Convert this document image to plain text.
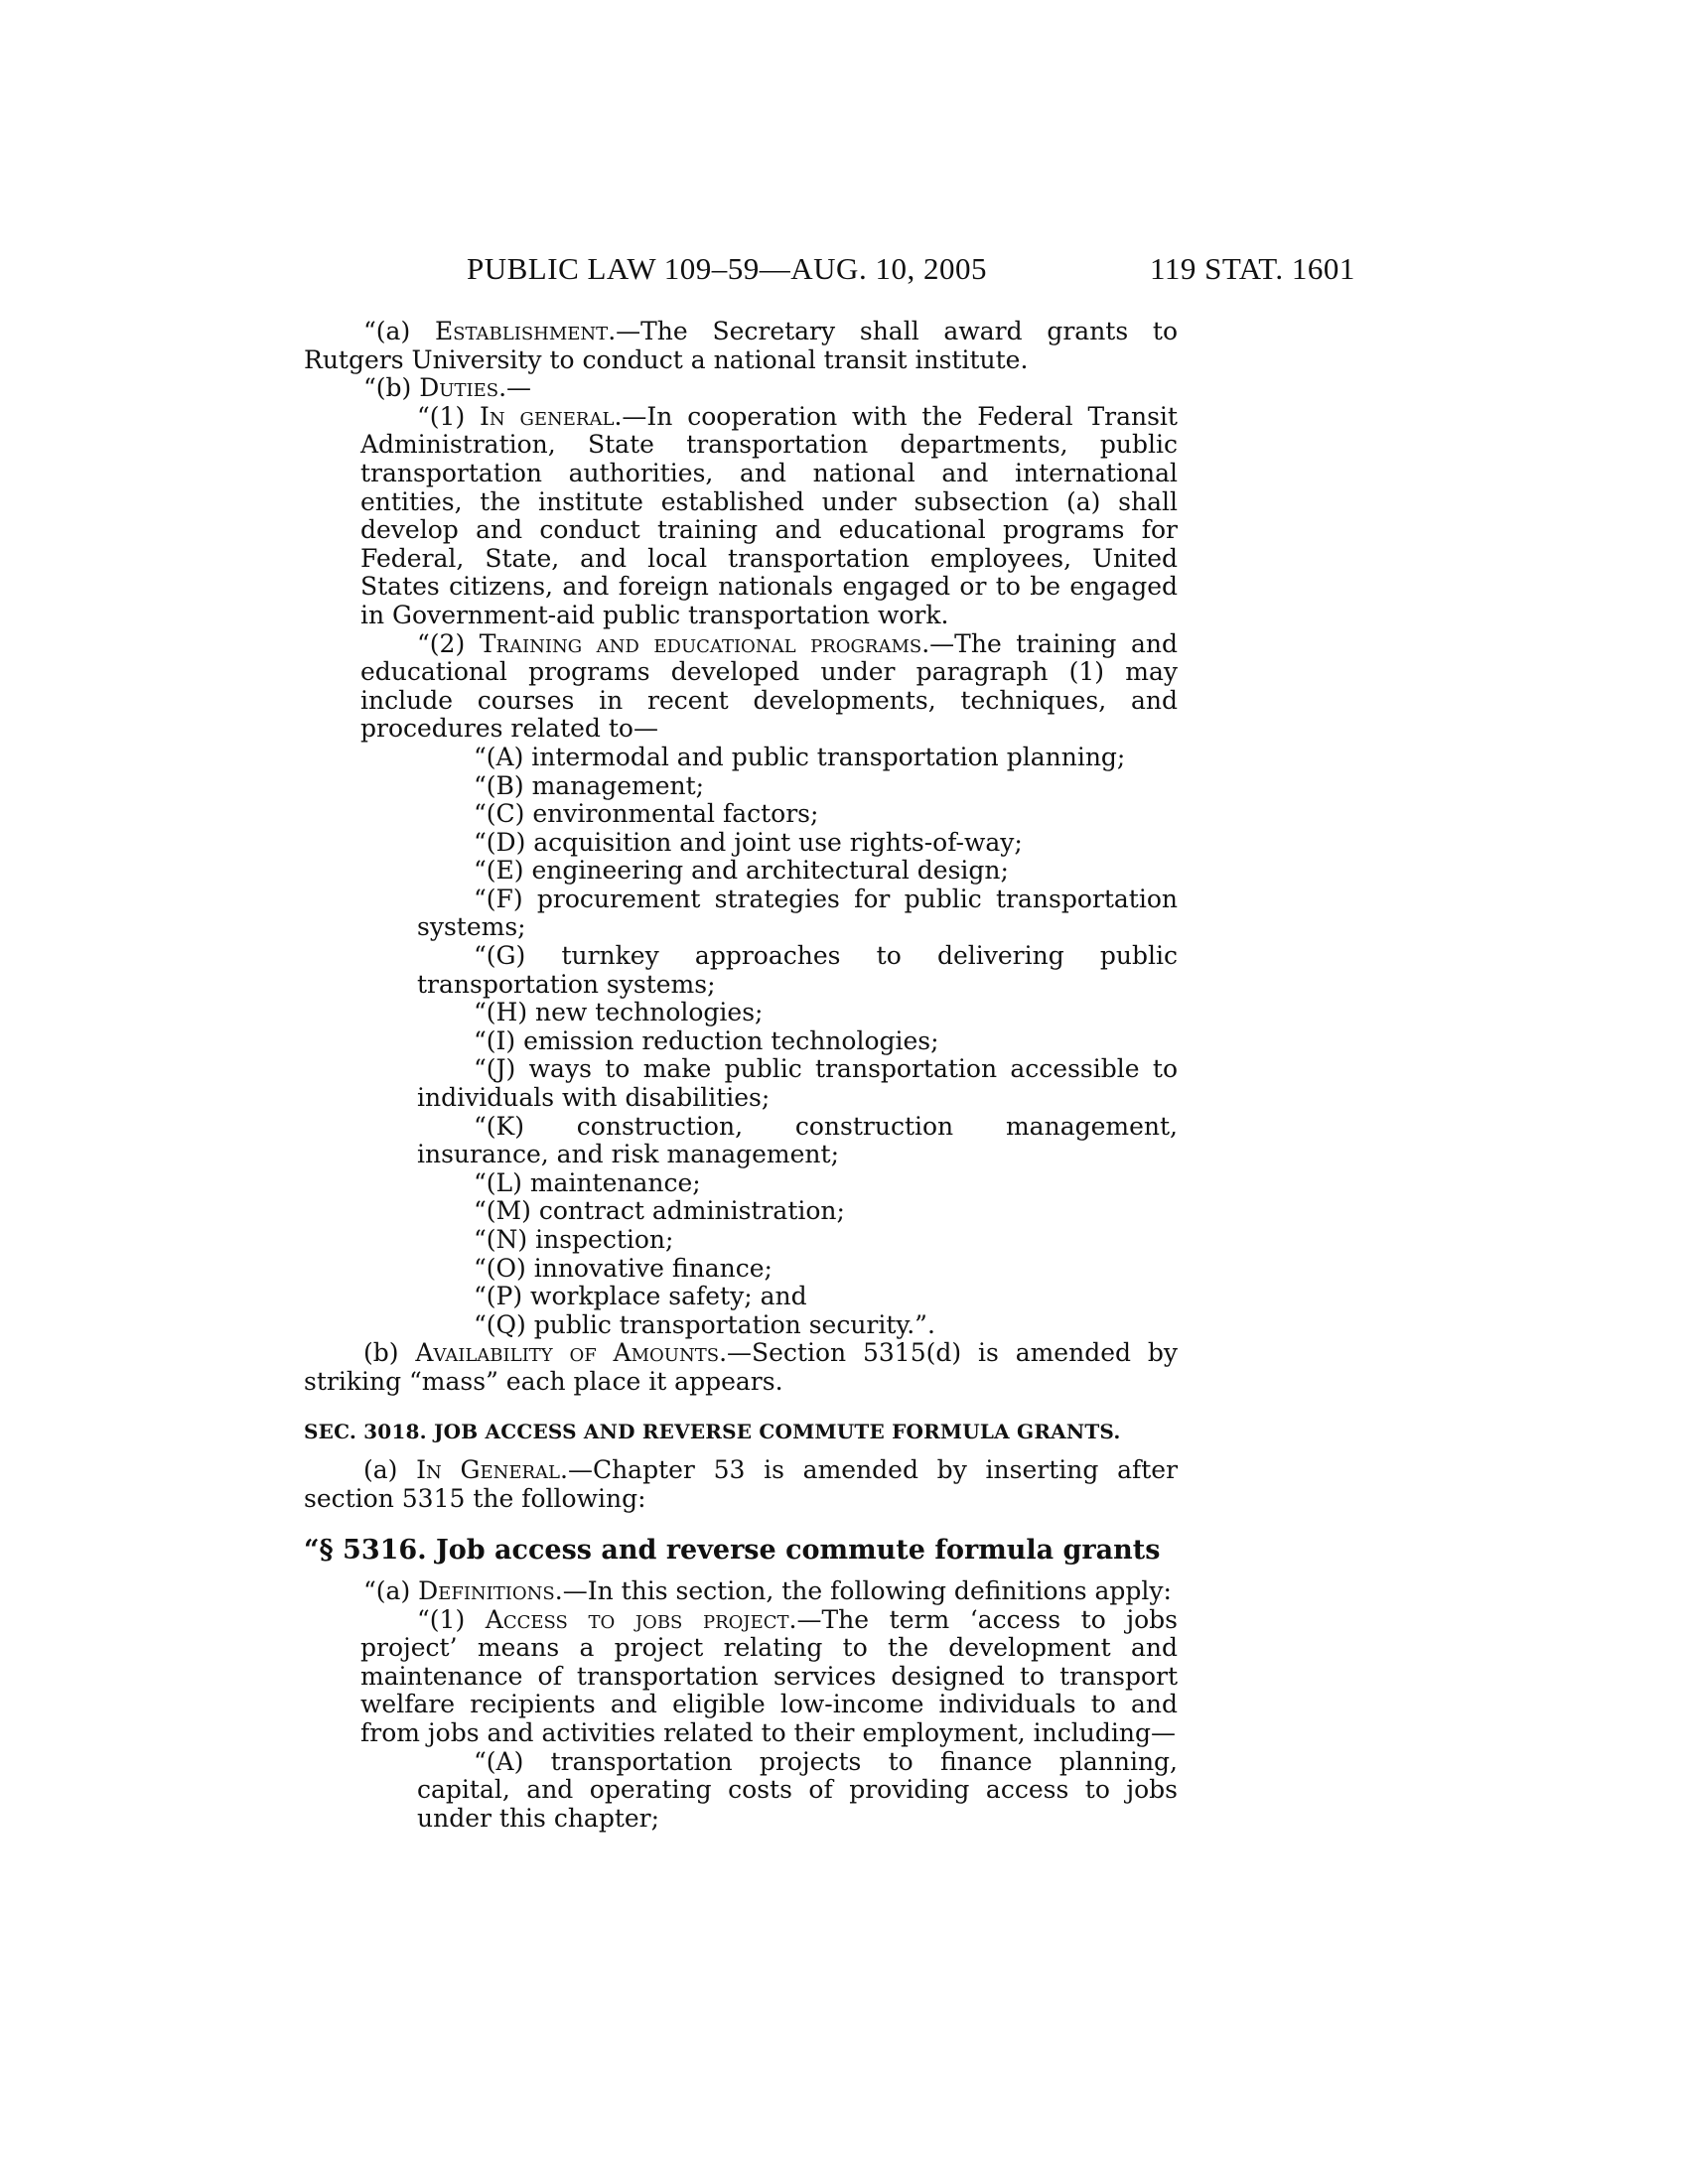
PUBLIC LAW 109–59—AUG. 10, 2005	119 STAT. 1601

“(a) Establishment.—The Secretary shall award grants to Rutgers University to conduct a national transit institute.

“(b) Duties.—

“(1) In general.—In cooperation with the Federal Transit Administration, State transportation departments, public transportation authorities, and national and international entities, the institute established under subsection (a) shall develop and conduct training and educational programs for Federal, State, and local transportation employees, United States citizens, and foreign nationals engaged or to be engaged in Government-aid public transportation work.

“(2) Training and educational programs.—The training and educational programs developed under paragraph (1) may include courses in recent developments, techniques, and procedures related to—

“(A) intermodal and public transportation planning;

“(B) management;

“(C) environmental factors;

“(D) acquisition and joint use rights-of-way;

“(E) engineering and architectural design;

“(F) procurement strategies for public transportation systems;

“(G) turnkey approaches to delivering public transportation systems;

“(H) new technologies;

“(I) emission reduction technologies;

“(J) ways to make public transportation accessible to individuals with disabilities;

“(K) construction, construction management, insurance, and risk management;

“(L) maintenance;

“(M) contract administration;

“(N) inspection;

“(O) innovative finance;

“(P) workplace safety; and

“(Q) public transportation security.”.

(b) Availability of Amounts.—Section 5315(d) is amended by striking “mass” each place it appears.

SEC. 3018. JOB ACCESS AND REVERSE COMMUTE FORMULA GRANTS.

(a) In General.—Chapter 53 is amended by inserting after section 5315 the following:

“§ 5316. Job access and reverse commute formula grants

“(a) Definitions.—In this section, the following definitions apply:

“(1) Access to jobs project.—The term ‘access to jobs project’ means a project relating to the development and maintenance of transportation services designed to transport welfare recipients and eligible low-income individuals to and from jobs and activities related to their employment, including—

“(A) transportation projects to finance planning, capital, and operating costs of providing access to jobs under this chapter;
